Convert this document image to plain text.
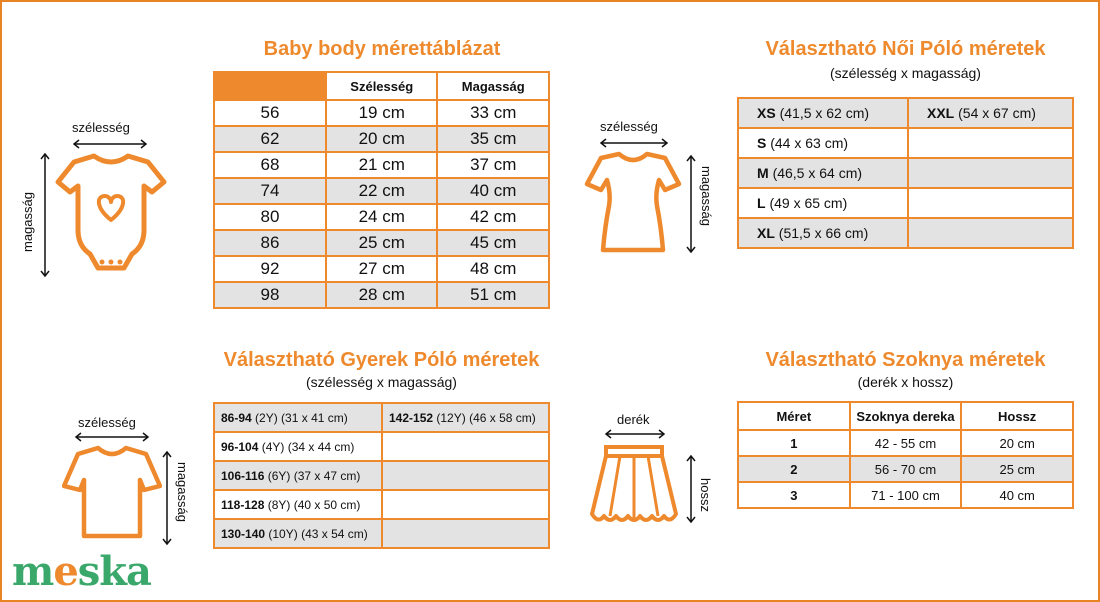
Baby body mérettáblázat
	Szélesség	Magasság
56	19 cm	33 cm
62	20 cm	35 cm
68	21 cm	37 cm
74	22 cm	40 cm
80	24 cm	42 cm
86	25 cm	45 cm
92	27 cm	48 cm
98	28 cm	51 cm
szélesség
magasság
Választható Női Póló méretek
(szélesség x magasság)
XS (41,5 x 62 cm)	XXL (54 x 67 cm)
S (44 x 63 cm)	
M (46,5 x 64 cm)	
L (49 x 65 cm)	
XL (51,5 x 66 cm)	
szélesség
magasság
Választható Gyerek Póló méretek
(szélesség x magasság)
86-94 (2Y) (31 x 41 cm)	142-152 (12Y) (46 x 58 cm)
96-104 (4Y) (34 x 44 cm)	
106-116 (6Y) (37 x 47 cm)	
118-128 (8Y) (40 x 50 cm)	
130-140 (10Y) (43 x 54 cm)	
szélesség
magasság
Választható Szoknya méretek
(derék x hossz)
Méret	Szoknya dereka	Hossz
1	42 - 55 cm	20 cm
2	56 - 70 cm	25 cm
3	71 - 100 cm	40 cm
derék
hossz
meska
